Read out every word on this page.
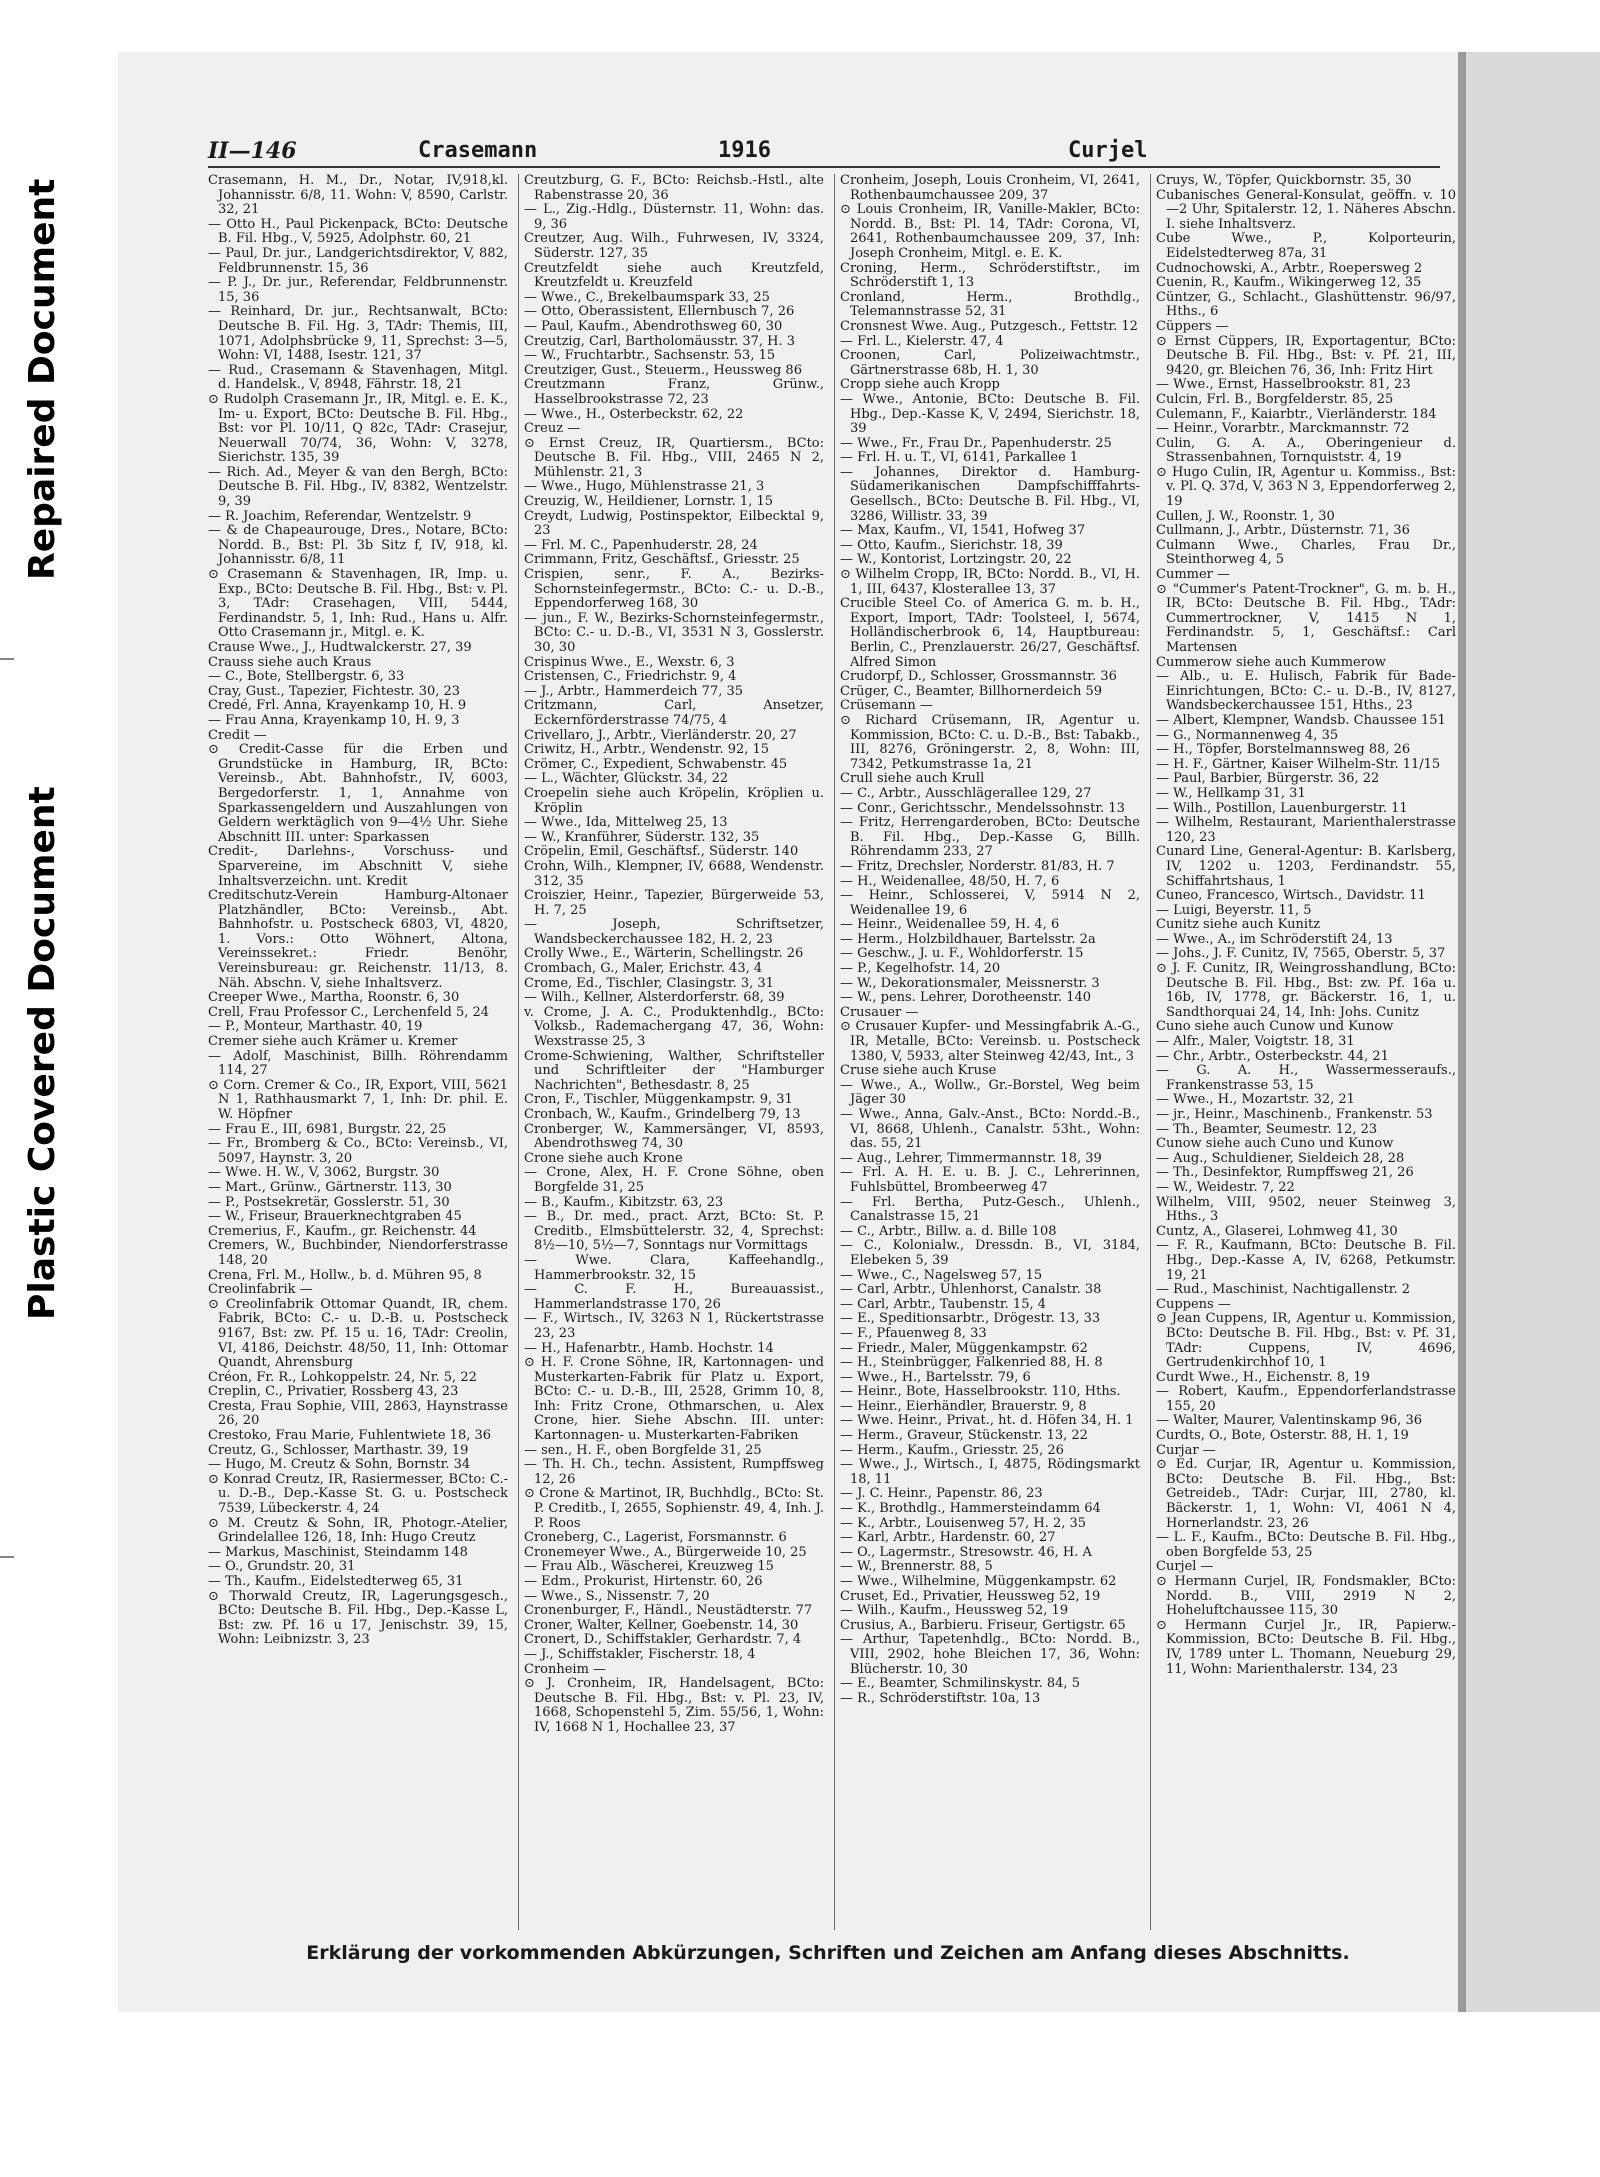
Repaired Document
Plastic Covered Document
II—146	Crasemann	1916	Curjel

Crasemann, H. M., Dr., Notar, IV,918,kl. Johannisstr. 6/8, 11. Wohn: V, 8590, Carlstr. 32, 21

— Otto H., Paul Pickenpack, BCto: Deutsche B. Fil. Hbg., V, 5925, Adolphstr. 60, 21

— Paul, Dr. jur., Landgerichtsdirektor, V, 882, Feldbrunnenstr. 15, 36

— P. J., Dr. jur., Referendar, Feldbrunnenstr. 15, 36

— Reinhard, Dr. jur., Rechtsanwalt, BCto: Deutsche B. Fil. Hg. 3, TAdr: Themis, III, 1071, Adolphsbrücke 9, 11, Sprechst: 3—5, Wohn: VI, 1488, Isestr. 121, 37

— Rud., Crasemann & Stavenhagen, Mitgl. d. Handelsk., V, 8948, Fährstr. 18, 21

⊙ Rudolph Crasemann Jr., IR, Mitgl. e. E. K., Im- u. Export, BCto: Deutsche B. Fil. Hbg., Bst: vor Pl. 10/11, Q 82c, TAdr: Crasejur, Neuerwall 70/74, 36, Wohn: V, 3278, Sierichstr. 135, 39

— Rich. Ad., Meyer & van den Bergh, BCto: Deutsche B. Fil. Hbg., IV, 8382, Wentzelstr. 9, 39

— R. Joachim, Referendar, Wentzelstr. 9

— & de Chapeaurouge, Dres., Notare, BCto: Nordd. B., Bst: Pl. 3b Sitz f, IV, 918, kl. Johannisstr. 6/8, 11

⊙ Crasemann & Stavenhagen, IR, Imp. u. Exp., BCto: Deutsche B. Fil. Hbg., Bst: v. Pl. 3, TAdr: Crasehagen, VIII, 5444, Ferdinandstr. 5, 1, Inh: Rud., Hans u. Alfr. Otto Crasemann jr., Mitgl. e. K.

Crause Wwe., J., Hudtwalckerstr. 27, 39

Crauss siehe auch Kraus

— C., Bote, Stellbergstr. 6, 33

Cray, Gust., Tapezier, Fichtestr. 30, 23

Credé, Frl. Anna, Krayenkamp 10, H. 9

— Frau Anna, Krayenkamp 10, H. 9, 3

Credit —

⊙ Credit-Casse für die Erben und Grundstücke in Hamburg, IR, BCto: Vereinsb., Abt. Bahnhofstr., IV, 6003, Bergedorferstr. 1, 1, Annahme von Sparkassengeldern und Auszahlungen von Geldern werktäglich von 9—4½ Uhr. Siehe Abschnitt III. unter: Sparkassen

Credit-, Darlehns-, Vorschuss- und Sparvereine, im Abschnitt V, siehe Inhaltsverzeichn. unt. Kredit

Creditschutz-Verein Hamburg-Altonaer Platzhändler, BCto: Vereinsb., Abt. Bahnhofstr. u. Postscheck 6803, VI, 4820, 1. Vors.: Otto Wöhnert, Altona, Vereinssekret.: Friedr. Benöhr, Vereinsbureau: gr. Reichenstr. 11/13, 8. Näh. Abschn. V, siehe Inhaltsverz.

Creeper Wwe., Martha, Roonstr. 6, 30

Crell, Frau Professor C., Lerchenfeld 5, 24

— P., Monteur, Marthastr. 40, 19

Cremer siehe auch Krämer u. Kremer

— Adolf, Maschinist, Billh. Röhrendamm 114, 27

⊙ Corn. Cremer & Co., IR, Export, VIII, 5621 N 1, Rathhausmarkt 7, 1, Inh: Dr. phil. E. W. Höpfner

— Frau E., III, 6981, Burgstr. 22, 25

— Fr., Bromberg & Co., BCto: Vereinsb., VI, 5097, Haynstr. 3, 20

— Wwe. H. W., V, 3062, Burgstr. 30

— Mart., Grünw., Gärtnerstr. 113, 30

— P., Postsekretär, Gosslerstr. 51, 30

— W., Friseur, Brauerknechtgraben 45

Cremerius, F., Kaufm., gr. Reichenstr. 44

Cremers, W., Buchbinder, Niendorferstrasse 148, 20

Crena, Frl. M., Hollw., b. d. Mühren 95, 8

Creolinfabrik —

⊙ Creolinfabrik Ottomar Quandt, IR, chem. Fabrik, BCto: C.- u. D.-B. u. Postscheck 9167, Bst: zw. Pf. 15 u. 16, TAdr: Creolin, VI, 4186, Deichstr. 48/50, 11, Inh: Ottomar Quandt, Ahrensburg

Créon, Fr. R., Lohkoppelstr. 24, Nr. 5, 22

Creplin, C., Privatier, Rossberg 43, 23

Cresta, Frau Sophie, VIII, 2863, Haynstrasse 26, 20

Crestoko, Frau Marie, Fuhlentwiete 18, 36

Creutz, G., Schlosser, Marthastr. 39, 19

— Hugo, M. Creutz & Sohn, Bornstr. 34

⊙ Konrad Creutz, IR, Rasiermesser, BCto: C.- u. D.-B., Dep.-Kasse St. G. u. Postscheck 7539, Lübeckerstr. 4, 24

⊙ M. Creutz & Sohn, IR, Photogr.-Atelier, Grindelallee 126, 18, Inh: Hugo Creutz

— Markus, Maschinist, Steindamm 148

— O., Grundstr. 20, 31

— Th., Kaufm., Eidelstedterweg 65, 31

⊙ Thorwald Creutz, IR, Lagerungsgesch., BCto: Deutsche B. Fil. Hbg., Dep.-Kasse L, Bst: zw. Pf. 16 u 17, Jenischstr. 39, 15, Wohn: Leibnizstr. 3, 23

Creutzburg, G. F., BCto: Reichsb.-Hstl., alte Rabenstrasse 20, 36

— L., Zig.-Hdlg., Düsternstr. 11, Wohn: das. 9, 36

Creutzer, Aug. Wilh., Fuhrwesen, IV, 3324, Süderstr. 127, 35

Creutzfeldt siehe auch Kreutzfeld, Kreutzfeldt u. Kreuzfeld

— Wwe., C., Brekelbaumspark 33, 25

— Otto, Oberassistent, Ellernbusch 7, 26

— Paul, Kaufm., Abendrothsweg 60, 30

Creutzig, Carl, Bartholomäusstr. 37, H. 3

— W., Fruchtarbtr., Sachsenstr. 53, 15

Creutziger, Gust., Steuerm., Heussweg 86

Creutzmann Franz, Grünw., Hasselbrookstrasse 72, 23

— Wwe., H., Osterbeckstr. 62, 22

Creuz —

⊙ Ernst Creuz, IR, Quartiersm., BCto: Deutsche B. Fil. Hbg., VIII, 2465 N 2, Mühlenstr. 21, 3

— Wwe., Hugo, Mühlenstrasse 21, 3

Creuzig, W., Heildiener, Lornstr. 1, 15

Creydt, Ludwig, Postinspektor, Eilbecktal 9, 23

— Frl. M. C., Papenhuderstr. 28, 24

Crimmann, Fritz, Geschäftsf., Griesstr. 25

Crispien, senr., F. A., Bezirks-Schornsteinfegermstr., BCto: C.- u. D.-B., Eppendorferweg 168, 30

— jun., F. W., Bezirks-Schornsteinfegermstr., BCto: C.- u. D.-B., VI, 3531 N 3, Gosslerstr. 30, 30

Crispinus Wwe., E., Wexstr. 6, 3

Cristensen, C., Friedrichstr. 9, 4

— J., Arbtr., Hammerdeich 77, 35

Critzmann, Carl, Ansetzer, Eckernförderstrasse 74/75, 4

Crivellaro, J., Arbtr., Vierländerstr. 20, 27

Criwitz, H., Arbtr., Wendenstr. 92, 15

Crömer, C., Expedient, Schwabenstr. 45

— L., Wächter, Glückstr. 34, 22

Croepelin siehe auch Kröpelin, Kröplien u. Kröplin

— Wwe., Ida, Mittelweg 25, 13

— W., Kranführer, Süderstr. 132, 35

Cröpelin, Emil, Geschäftsf., Süderstr. 140

Crohn, Wilh., Klempner, IV, 6688, Wendenstr. 312, 35

Croiszier, Heinr., Tapezier, Bürgerweide 53, H. 7, 25

— Joseph, Schriftsetzer, Wandsbeckerchaussee 182, H. 2, 23

Crolly Wwe., E., Wärterin, Schellingstr. 26

Crombach, G., Maler, Erichstr. 43, 4

Crome, Ed., Tischler, Clasingstr. 3, 31

— Wilh., Kellner, Alsterdorferstr. 68, 39

v. Crome, J. A. C., Produktenhdlg., BCto: Volksb., Rademachergang 47, 36, Wohn: Wexstrasse 25, 3

Crome-Schwiening, Walther, Schriftsteller und Schriftleiter der "Hamburger Nachrichten", Bethesdastr. 8, 25

Cron, F., Tischler, Müggenkampstr. 9, 31

Cronbach, W., Kaufm., Grindelberg 79, 13

Cronberger, W., Kammersänger, VI, 8593, Abendrothsweg 74, 30

Crone siehe auch Krone

— Crone, Alex, H. F. Crone Söhne, oben Borgfelde 31, 25

— B., Kaufm., Kibitzstr. 63, 23

— B., Dr. med., pract. Arzt, BCto: St. P. Creditb., Elmsbüttelerstr. 32, 4, Sprechst: 8½—10, 5½—7, Sonntags nur Vormittags

— Wwe. Clara, Kaffeehandlg., Hammerbrookstr. 32, 15

— C. F. H., Bureauassist., Hammerlandstrasse 170, 26

— F., Wirtsch., IV, 3263 N 1, Rückertstrasse 23, 23

— H., Hafenarbtr., Hamb. Hochstr. 14

⊙ H. F. Crone Söhne, IR, Kartonnagen- und Musterkarten-Fabrik für Platz u. Export, BCto: C.- u. D.-B., III, 2528, Grimm 10, 8, Inh: Fritz Crone, Othmarschen, u. Alex Crone, hier. Siehe Abschn. III. unter: Kartonnagen- u. Musterkarten-Fabriken

— sen., H. F., oben Borgfelde 31, 25

— Th. H. Ch., techn. Assistent, Rumpffsweg 12, 26

⊙ Crone & Martinot, IR, Buchhdlg., BCto: St. P. Creditb., I, 2655, Sophienstr. 49, 4, Inh. J. P. Roos

Croneberg, C., Lagerist, Forsmannstr. 6

Cronemeyer Wwe., A., Bürgerweide 10, 25

— Frau Alb., Wäscherei, Kreuzweg 15

— Edm., Prokurist, Hirtenstr. 60, 26

— Wwe., S., Nissenstr. 7, 20

Cronenburger, F., Händl., Neustädterstr. 77

Croner, Walter, Kellner, Goebenstr. 14, 30

Cronert, D., Schiffstakler, Gerhardstr. 7, 4

— J., Schiffstakler, Fischerstr. 18, 4

Cronheim —

⊙ J. Cronheim, IR, Handelsagent, BCto: Deutsche B. Fil. Hbg., Bst: v. Pl. 23, IV, 1668, Schopenstehl 5, Zim. 55/56, 1, Wohn: IV, 1668 N 1, Hochallee 23, 37

Cronheim, Joseph, Louis Cronheim, VI, 2641, Rothenbaumchaussee 209, 37

⊙ Louis Cronheim, IR, Vanille-Makler, BCto: Nordd. B., Bst: Pl. 14, TAdr: Corona, VI, 2641, Rothenbaumchaussee 209, 37, Inh: Joseph Cronheim, Mitgl. e. E. K.

Croning, Herm., Schröderstiftstr., im Schröderstift 1, 13

Cronland, Herm., Brothdlg., Telemannstrasse 52, 31

Cronsnest Wwe. Aug., Putzgesch., Fettstr. 12

— Frl. L., Kielerstr. 47, 4

Croonen, Carl, Polizeiwachtmstr., Gärtnerstrasse 68b, H. 1, 30

Cropp siehe auch Kropp

— Wwe., Antonie, BCto: Deutsche B. Fil. Hbg., Dep.-Kasse K, V, 2494, Sierichstr. 18, 39

— Wwe., Fr., Frau Dr., Papenhuderstr. 25

— Frl. H. u. T., VI, 6141, Parkallee 1

— Johannes, Direktor d. Hamburg-Südamerikanischen Dampfschifffahrts-Gesellsch., BCto: Deutsche B. Fil. Hbg., VI, 3286, Willistr. 33, 39

— Max, Kaufm., VI, 1541, Hofweg 37

— Otto, Kaufm., Sierichstr. 18, 39

— W., Kontorist, Lortzingstr. 20, 22

⊙ Wilhelm Cropp, IR, BCto: Nordd. B., VI, H. 1, III, 6437, Klosterallee 13, 37

Crucible Steel Co. of America G. m. b. H., Export, Import, TAdr: Toolsteel, I, 5674, Holländischerbrook 6, 14, Hauptbureau: Berlin, C., Prenzlauerstr. 26/27, Geschäftsf. Alfred Simon

Crudorpf, D., Schlosser, Grossmannstr. 36

Crüger, C., Beamter, Billhornerdeich 59

Crüsemann —

⊙ Richard Crüsemann, IR, Agentur u. Kommission, BCto: C. u. D.-B., Bst: Tabakb., III, 8276, Gröningerstr. 2, 8, Wohn: III, 7342, Petkumstrasse 1a, 21

Crull siehe auch Krull

— C., Arbtr., Ausschlägerallee 129, 27

— Conr., Gerichtsschr., Mendelssohnstr. 13

— Fritz, Herrengarderoben, BCto: Deutsche B. Fil. Hbg., Dep.-Kasse G, Billh. Röhrendamm 233, 27

— Fritz, Drechsler, Norderstr. 81/83, H. 7

— H., Weidenallee, 48/50, H. 7, 6

— Heinr., Schlosserei, V, 5914 N 2, Weidenallee 19, 6

— Heinr., Weidenallee 59, H. 4, 6

— Herm., Holzbildhauer, Bartelsstr. 2a

— Geschw., J. u. F., Wohldorferstr. 15

— P., Kegelhofstr. 14, 20

— W., Dekorationsmaler, Meissnerstr. 3

— W., pens. Lehrer, Dorotheenstr. 140

Crusauer —

⊙ Crusauer Kupfer- und Messingfabrik A.-G., IR, Metalle, BCto: Vereinsb. u. Postscheck 1380, V, 5933, alter Steinweg 42/43, Int., 3

Cruse siehe auch Kruse

— Wwe., A., Wollw., Gr.-Borstel, Weg beim Jäger 30

— Wwe., Anna, Galv.-Anst., BCto: Nordd.-B., VI, 8668, Uhlenh., Canalstr. 53ht., Wohn: das. 55, 21

— Aug., Lehrer, Timmermannstr. 18, 39

— Frl. A. H. E. u. B. J. C., Lehrerinnen, Fuhlsbüttel, Brombeerweg 47

— Frl. Bertha, Putz-Gesch., Uhlenh., Canalstrasse 15, 21

— C., Arbtr., Billw. a. d. Bille 108

— C., Kolonialw., Dressdn. B., VI, 3184, Elebeken 5, 39

— Wwe., C., Nagelsweg 57, 15

— Carl, Arbtr., Uhlenhorst, Canalstr. 38

— Carl, Arbtr., Taubenstr. 15, 4

— E., Speditionsarbtr., Drögestr. 13, 33

— F., Pfauenweg 8, 33

— Friedr., Maler, Müggenkampstr. 62

— H., Steinbrügger, Falkenried 88, H. 8

— Wwe., H., Bartelsstr. 79, 6

— Heinr., Bote, Hasselbrookstr. 110, Hths.

— Heinr., Eierhändler, Brauerstr. 9, 8

— Wwe. Heinr., Privat., ht. d. Höfen 34, H. 1

— Herm., Graveur, Stückenstr. 13, 22

— Herm., Kaufm., Griesstr. 25, 26

— Wwe., J., Wirtsch., I, 4875, Rödingsmarkt 18, 11

— J. C. Heinr., Papenstr. 86, 23

— K., Brothdlg., Hammersteindamm 64

— K., Arbtr., Louisenweg 57, H. 2, 35

— Karl, Arbtr., Hardenstr. 60, 27

— O., Lagermstr., Stresowstr. 46, H. A

— W., Brennerstr. 88, 5

— Wwe., Wilhelmine, Müggenkampstr. 62

Cruset, Ed., Privatier, Heussweg 52, 19

— Wilh., Kaufm., Heussweg 52, 19

Crusius, A., Barbieru. Friseur, Gertigstr. 65

— Arthur, Tapetenhdlg., BCto: Nordd. B., VIII, 2902, hohe Bleichen 17, 36, Wohn: Blücherstr. 10, 30

— E., Beamter, Schmilinskystr. 84, 5

— R., Schröderstiftstr. 10a, 13

Cruys, W., Töpfer, Quickbornstr. 35, 30

Cubanisches General-Konsulat, geöffn. v. 10—2 Uhr, Spitalerstr. 12, 1. Näheres Abschn. I. siehe Inhaltsverz.

Cube Wwe., P., Kolporteurin, Eidelstedterweg 87a, 31

Cudnochowski, A., Arbtr., Roepersweg 2

Cuenin, R., Kaufm., Wikingerweg 12, 35

Cüntzer, G., Schlacht., Glashüttenstr. 96/97, Hths., 6

Cüppers —

⊙ Ernst Cüppers, IR, Exportagentur, BCto: Deutsche B. Fil. Hbg., Bst: v. Pf. 21, III, 9420, gr. Bleichen 76, 36, Inh: Fritz Hirt

— Wwe., Ernst, Hasselbrookstr. 81, 23

Culcin, Frl. B., Borgfelderstr. 85, 25

Culemann, F., Kaiarbtr., Vierländerstr. 184

— Heinr., Vorarbtr., Marckmannstr. 72

Culin, G. A. A., Oberingenieur d. Strassenbahnen, Tornquiststr. 4, 19

⊙ Hugo Culin, IR, Agentur u. Kommiss., Bst: v. Pl. Q. 37d, V, 363 N 3, Eppendorferweg 2, 19

Cullen, J. W., Roonstr. 1, 30

Cullmann, J., Arbtr., Düsternstr. 71, 36

Culmann Wwe., Charles, Frau Dr., Steinthorweg 4, 5

Cummer —

⊙ "Cummer's Patent-Trockner", G. m. b. H., IR, BCto: Deutsche B. Fil. Hbg., TAdr: Cummertrockner, V, 1415 N 1, Ferdinandstr. 5, 1, Geschäftsf.: Carl Martensen

Cummerow siehe auch Kummerow

— Alb., u. E. Hulisch, Fabrik für Bade-Einrichtungen, BCto: C.- u. D.-B., IV, 8127, Wandsbeckerchaussee 151, Hths., 23

— Albert, Klempner, Wandsb. Chaussee 151

— G., Normannenweg 4, 35

— H., Töpfer, Borstelmannsweg 88, 26

— H. F., Gärtner, Kaiser Wilhelm-Str. 11/15

— Paul, Barbier, Bürgerstr. 36, 22

— W., Hellkamp 31, 31

— Wilh., Postillon, Lauenburgerstr. 11

— Wilhelm, Restaurant, Marienthalerstrasse 120, 23

Cunard Line, General-Agentur: B. Karlsberg, IV, 1202 u. 1203, Ferdinandstr. 55, Schiffahrtshaus, 1

Cuneo, Francesco, Wirtsch., Davidstr. 11

— Luigi, Beyerstr. 11, 5

Cunitz siehe auch Kunitz

— Wwe., A., im Schröderstift 24, 13

— Johs., J. F. Cunitz, IV, 7565, Oberstr. 5, 37

⊙ J. F. Cunitz, IR, Weingrosshandlung, BCto: Deutsche B. Fil. Hbg., Bst: zw. Pf. 16a u. 16b, IV, 1778, gr. Bäckerstr. 16, 1, u. Sandthorquai 24, 14, Inh: Johs. Cunitz

Cuno siehe auch Cunow und Kunow

— Alfr., Maler, Voigtstr. 18, 31

— Chr., Arbtr., Osterbeckstr. 44, 21

— G. A. H., Wassermesseraufs., Frankenstrasse 53, 15

— Wwe., H., Mozartstr. 32, 21

— jr., Heinr., Maschinenb., Frankenstr. 53

— Th., Beamter, Seumestr. 12, 23

Cunow siehe auch Cuno und Kunow

— Aug., Schuldiener, Sieldeich 28, 28

— Th., Desinfektor, Rumpffsweg 21, 26

— W., Weidestr. 7, 22

Wilhelm, VIII, 9502, neuer Steinweg 3, Hths., 3

Cuntz, A., Glaserei, Lohmweg 41, 30

— F. R., Kaufmann, BCto: Deutsche B. Fil. Hbg., Dep.-Kasse A, IV, 6268, Petkumstr. 19, 21

— Rud., Maschinist, Nachtigallenstr. 2

Cuppens —

⊙ Jean Cuppens, IR, Agentur u. Kommission, BCto: Deutsche B. Fil. Hbg., Bst: v. Pf. 31, TAdr: Cuppens, IV, 4696, Gertrudenkirchhof 10, 1

Curdt Wwe., H., Eichenstr. 8, 19

— Robert, Kaufm., Eppendorferlandstrasse 155, 20

— Walter, Maurer, Valentinskamp 96, 36

Curdts, O., Bote, Osterstr. 88, H. 1, 19

Curjar —

⊙ Ed. Curjar, IR, Agentur u. Kommission, BCto: Deutsche B. Fil. Hbg., Bst: Getreideb., TAdr: Curjar, III, 2780, kl. Bäckerstr. 1, 1, Wohn: VI, 4061 N 4, Hornerlandstr. 23, 26

— L. F., Kaufm., BCto: Deutsche B. Fil. Hbg., oben Borgfelde 53, 25

Curjel —

⊙ Hermann Curjel, IR, Fondsmakler, BCto: Nordd. B., VIII, 2919 N 2, Hoheluftchaussee 115, 30

⊙ Hermann Curjel Jr., IR, Papierw.-Kommission, BCto: Deutsche B. Fil. Hbg., IV, 1789 unter L. Thomann, Neueburg 29, 11, Wohn: Marienthalerstr. 134, 23

Erklärung der vorkommenden Abkürzungen, Schriften und Zeichen am Anfang dieses Abschnitts.
